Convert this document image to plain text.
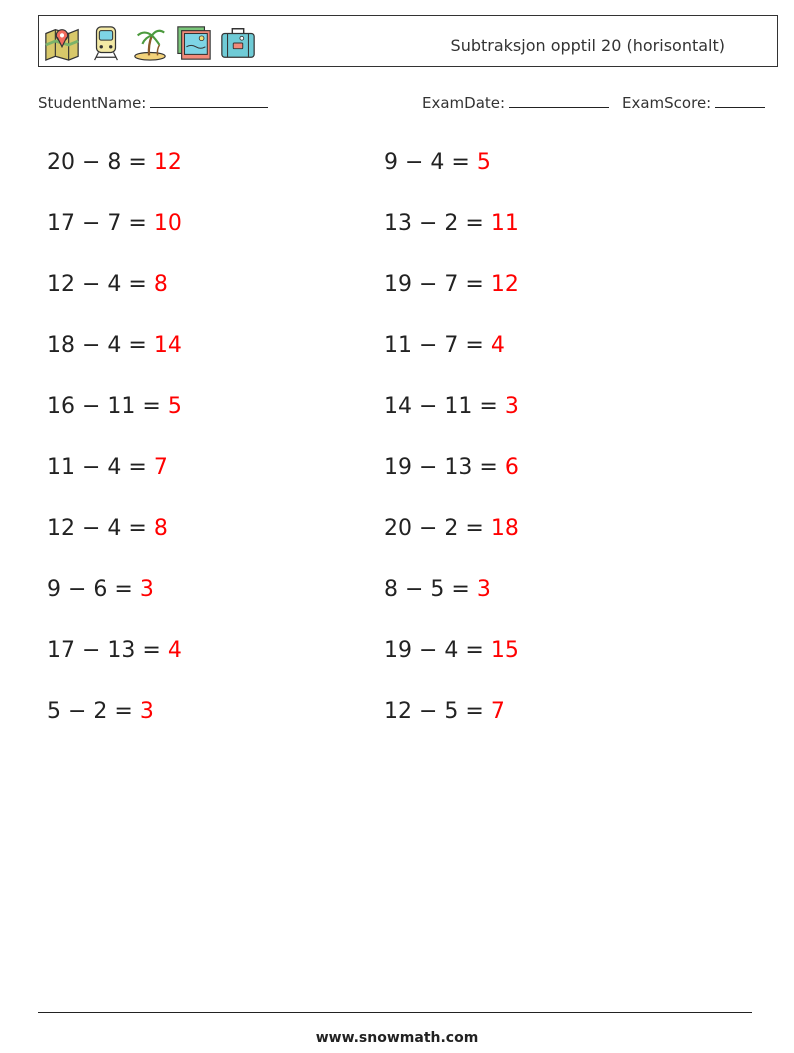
Subtraksjon opptil 20 (horisontalt)
StudentName:	ExamDate:	ExamScore:
20 − 8 = 12
17 − 7 = 10
12 − 4 = 8
18 − 4 = 14
16 − 11 = 5
11 − 4 = 7
12 − 4 = 8
9 − 6 = 3
17 − 13 = 4
5 − 2 = 3
9 − 4 = 5
13 − 2 = 11
19 − 7 = 12
11 − 7 = 4
14 − 11 = 3
19 − 13 = 6
20 − 2 = 18
8 − 5 = 3
19 − 4 = 15
12 − 5 = 7
www.snowmath.com
